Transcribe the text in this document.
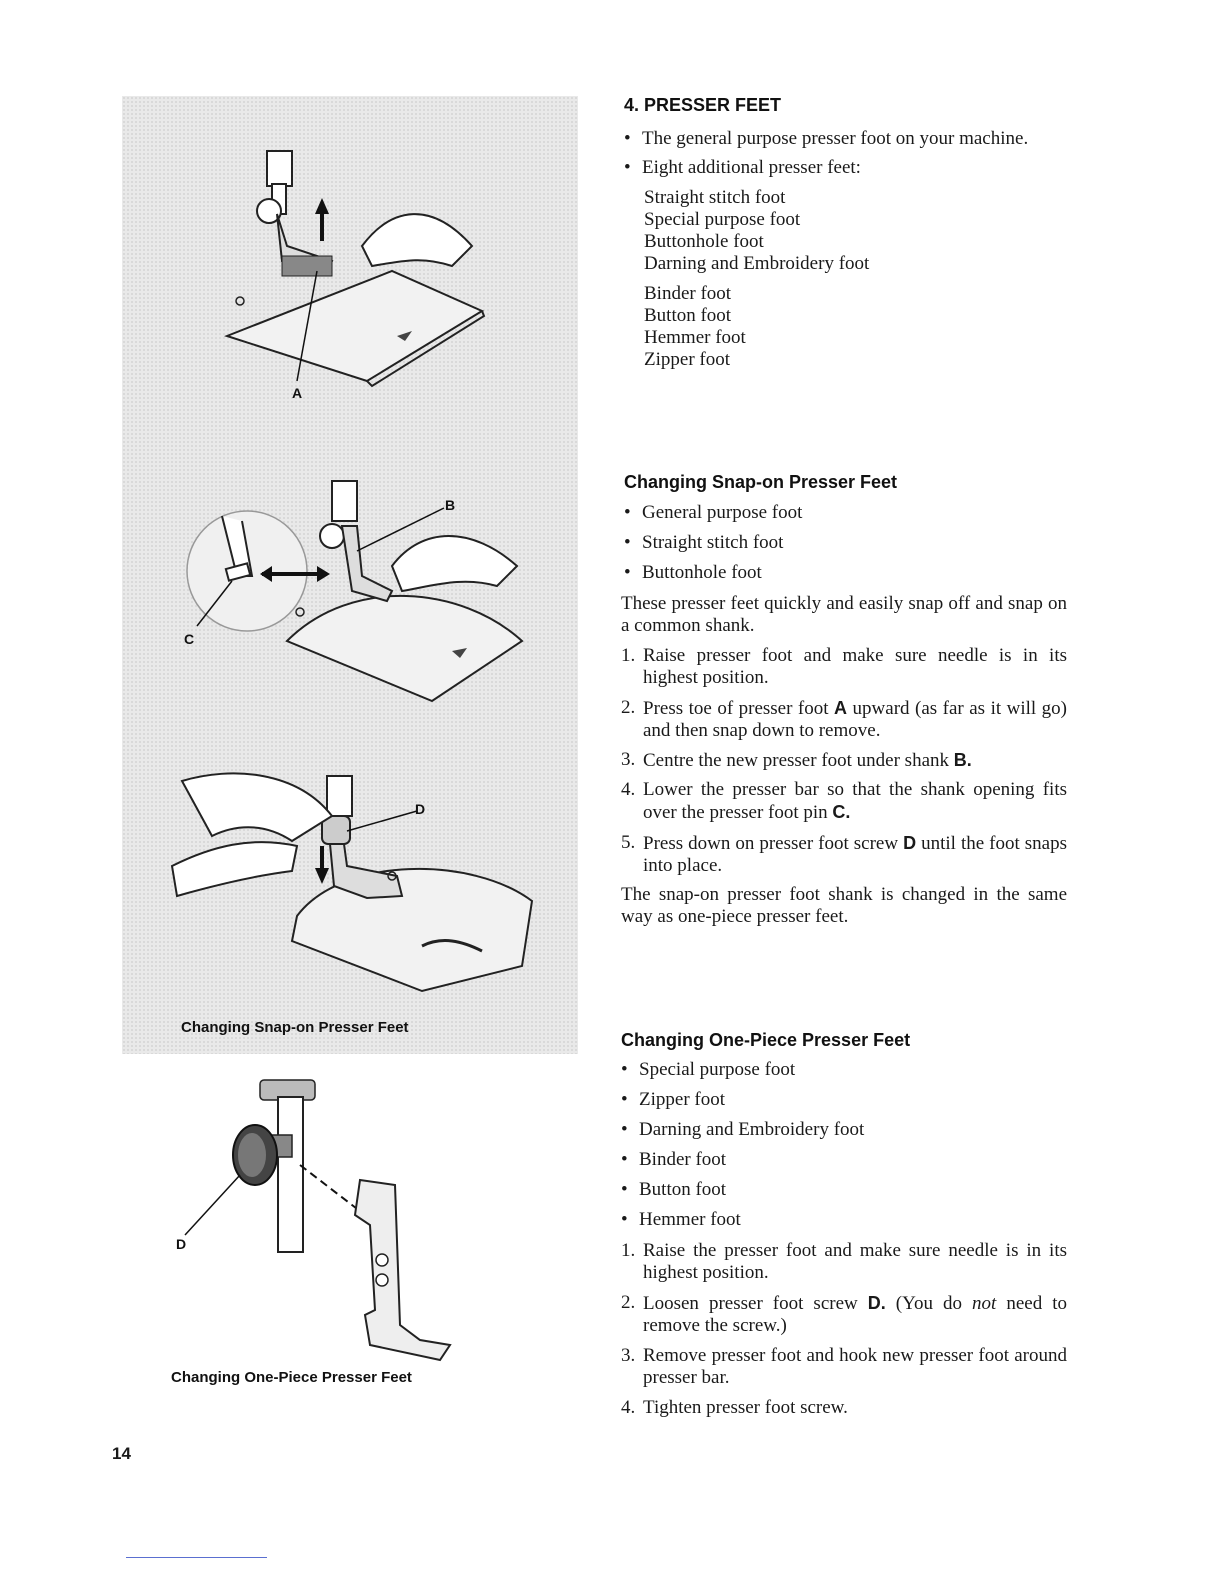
A
C
B
D
Changing Snap-on Presser Feet
D
Changing One-Piece Presser Feet
14
4. PRESSER FEET
• The general purpose presser foot on your machine.
• Eight additional presser feet:
Straight stitch foot
Special purpose foot
Buttonhole foot
Darning and Embroidery foot
Binder foot
Button foot
Hemmer foot
Zipper foot
Changing Snap-on Presser Feet
• General purpose foot
• Straight stitch foot
• Buttonhole foot
These presser feet quickly and easily snap off and snap on a common shank.
1. Raise presser foot and make sure needle is in its highest position.
2. Press toe of presser foot A upward (as far as it will go) and then snap down to remove.
3. Centre the new presser foot under shank B.
4. Lower the presser bar so that the shank opening fits over the presser foot pin C.
5. Press down on presser foot screw D until the foot snaps into place.
The snap-on presser foot shank is changed in the same way as one-piece presser feet.
Changing One-Piece Presser Feet
• Special purpose foot
• Zipper foot
• Darning and Embroidery foot
• Binder foot
• Button foot
• Hemmer foot
1. Raise the presser foot and make sure needle is in its highest position.
2. Loosen presser foot screw D. (You do not need to remove the screw.)
3. Remove presser foot and hook new presser foot around presser bar.
4. Tighten presser foot screw.
